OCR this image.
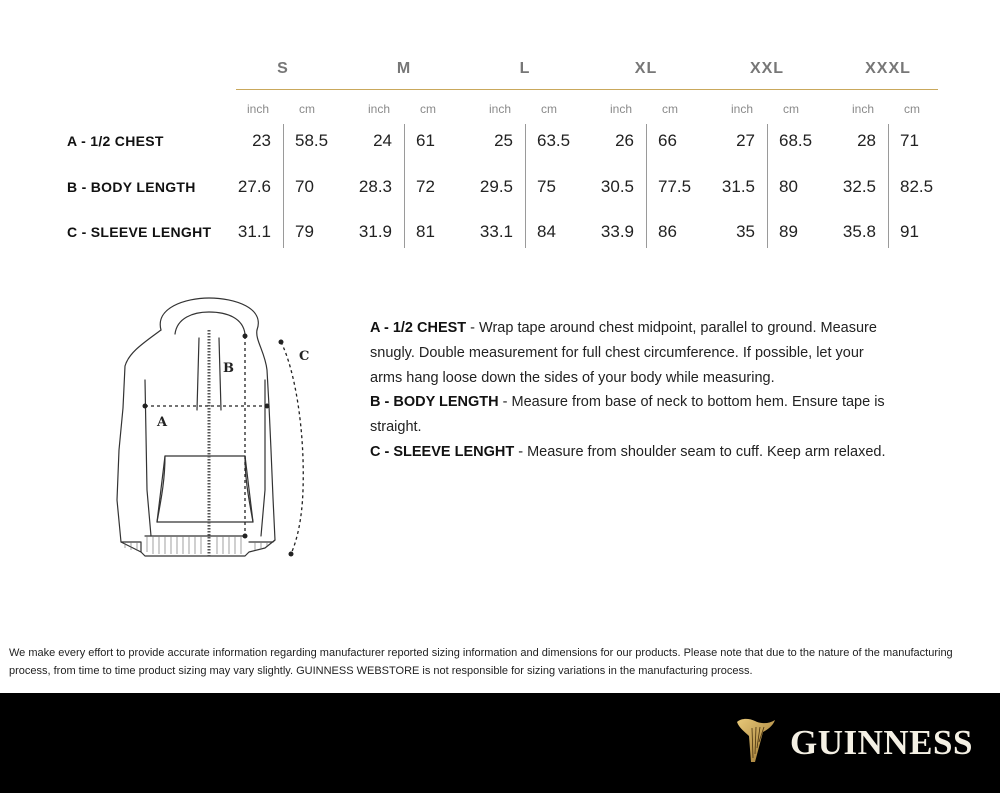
S	M	L	XL	XXL	XXXL
inch cm	inch cm	inch cm	inch cm	inch cm	inch cm
A - 1/2 CHEST	23 58.5	24 61	25 63.5	26 66	27 68.5	28 71
B - BODY LENGTH	27.6 70	28.3 72	29.5 75	30.5 77.5	31.5 80	32.5 82.5
C - SLEEVE LENGHT	31.1 79	31.9 81	33.1 84	33.9 86	35 89	35.8 91
A
B
C

A - 1/2 CHEST - Wrap tape around chest midpoint, parallel to ground. Measure snugly. Double measurement for full chest circumference. If possible, let your arms hang loose down the sides of your body while measuring.

B - BODY LENGTH - Measure from base of neck to bottom hem. Ensure tape is straight.

C - SLEEVE LENGHT - Measure from shoulder seam to cuff. Keep arm relaxed.

We make every effort to provide accurate information regarding manufacturer reported sizing information and dimensions for our products. Please note that due to the nature of the manufacturing process, from time to time product sizing may vary slightly. GUINNESS WEBSTORE is not responsible for sizing variations in the manufacturing process.
GUINNESS
